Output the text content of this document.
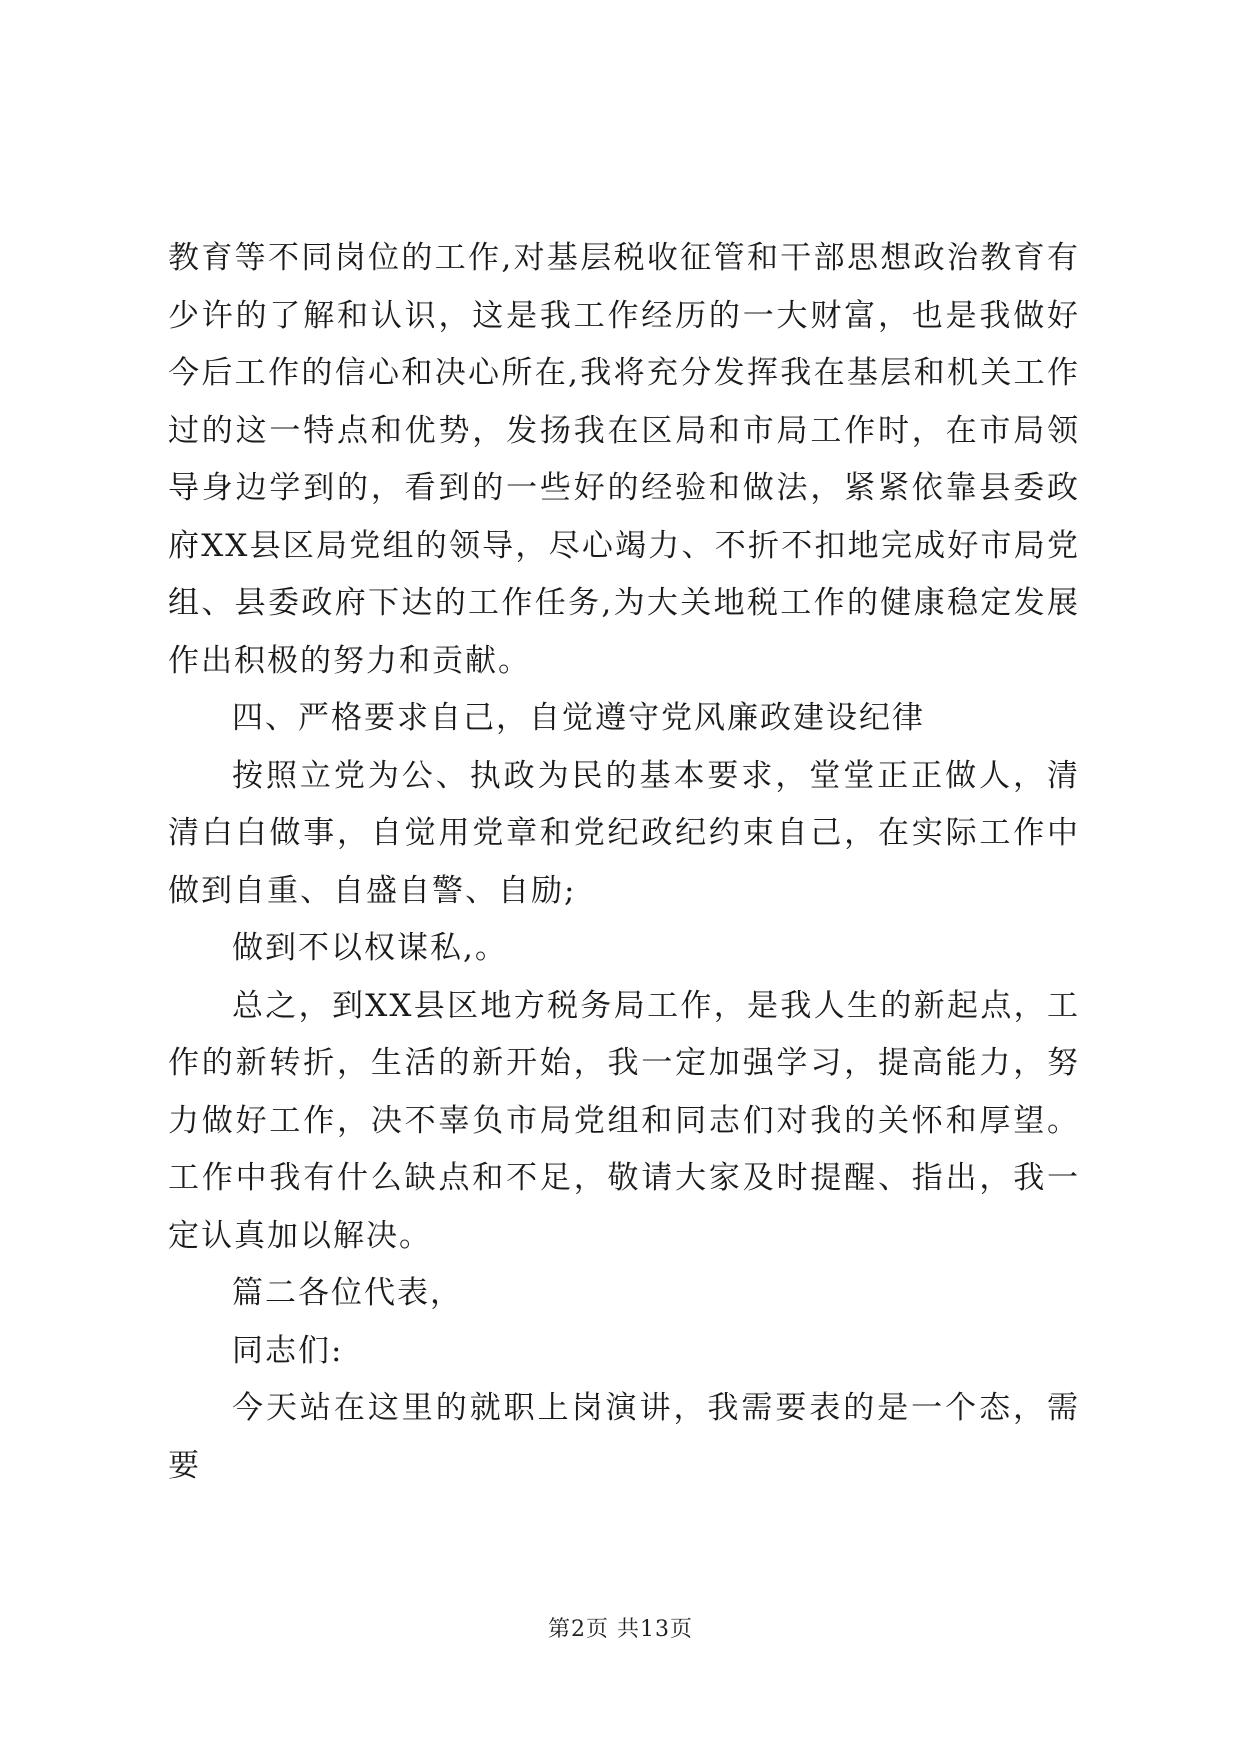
教育等不同岗位的工作,对基层税收征管和干部思想政治教育有少许的了解和认识，这是我工作经历的一大财富，也是我做好今后工作的信心和决心所在,我将充分发挥我在基层和机关工作过的这一特点和优势，发扬我在区局和市局工作时，在市局领导身边学到的，看到的一些好的经验和做法，紧紧依靠县委政府XX县区局党组的领导，尽心竭力、不折不扣地完成好市局党组、县委政府下达的工作任务,为大关地税工作的健康稳定发展作出积极的努力和贡献。

四、严格要求自己，自觉遵守党风廉政建设纪律

按照立党为公、执政为民的基本要求，堂堂正正做人，清清白白做事，自觉用党章和党纪政纪约束自己，在实际工作中做到自重、自盛自警、自励;

做到不以权谋私,。

总之，到XX县区地方税务局工作，是我人生的新起点，工作的新转折，生活的新开始，我一定加强学习，提高能力，努力做好工作，决不辜负市局党组和同志们对我的关怀和厚望。工作中我有什么缺点和不足，敬请大家及时提醒、指出，我一定认真加以解决。

篇二各位代表，

同志们:

今天站在这里的就职上岗演讲，我需要表的是一个态，需要

第2页 共13页
